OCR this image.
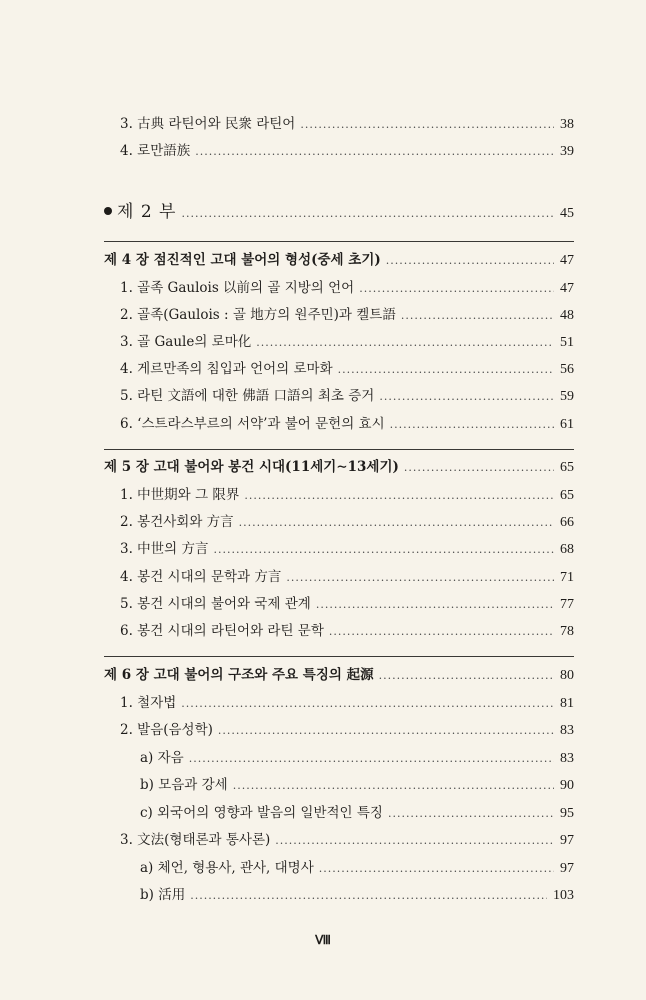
3. 古典 라틴어와 民衆 라틴어 .....	38
4. 로만語族 .....	39
제 2 부 .....	45
제 4 장 점진적인 고대 불어의 형성(중세 초기) .....	47
1. 골족 Gaulois 以前의 골 지방의 언어 .....	47
2. 골족(Gaulois : 골 地方의 원주민)과 켈트語 .....	48
3. 골 Gaule의 로마化 .....	51
4. 게르만족의 침입과 언어의 로마화 .....	56
5. 라틴 文語에 대한 佛語 口語의 최초 증거 .....	59
6. ‘스트라스부르의 서약’과 불어 문헌의 효시 .....	61
제 5 장 고대 불어와 봉건 시대(11세기∼13세기) .....	65
1. 中世期와 그 限界 .....	65
2. 봉건사회와 方言 .....	66
3. 中世의 方言 .....	68
4. 봉건 시대의 문학과 方言 .....	71
5. 봉건 시대의 불어와 국제 관계 .....	77
6. 봉건 시대의 라틴어와 라틴 문학 .....	78
제 6 장 고대 불어의 구조와 주요 특징의 起源 .....	80
1. 철자법 .....	81
2. 발음(음성학) .....	83
a) 자음 .....	83
b) 모음과 강세 .....	90
c) 외국어의 영향과 발음의 일반적인 특징 .....	95
3. 文法(형태론과 통사론) .....	97
a) 체언, 형용사, 관사, 대명사 .....	97
b) 活用 .....	103
Ⅷ
